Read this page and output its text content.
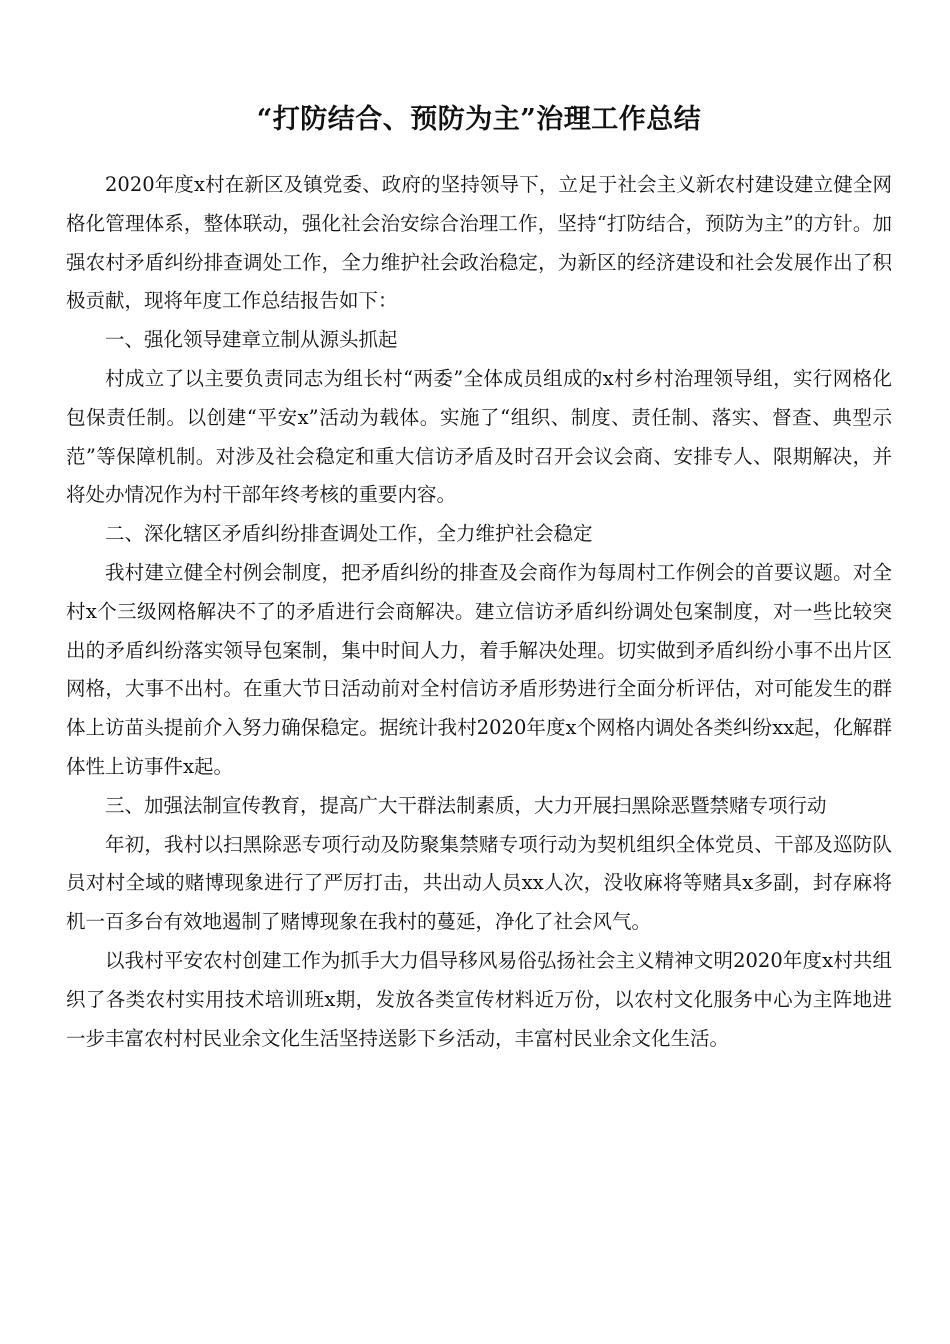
“打防结合、预防为主”治理工作总结

2020年度x村在新区及镇党委、政府的坚持领导下，立足于社会主义新农村建设建立健全网格化管理体系，整体联动，强化社会治安综合治理工作，坚持“打防结合，预防为主”的方针。加强农村矛盾纠纷排查调处工作，全力维护社会政治稳定，为新区的经济建设和社会发展作出了积极贡献，现将年度工作总结报告如下：

一、强化领导建章立制从源头抓起

村成立了以主要负责同志为组长村“两委”全体成员组成的x村乡村治理领导组，实行网格化包保责任制。以创建“平安x”活动为载体。实施了“组织、制度、责任制、落实、督查、典型示范”等保障机制。对涉及社会稳定和重大信访矛盾及时召开会议会商、安排专人、限期解决，并将处办情况作为村干部年终考核的重要内容。

二、深化辖区矛盾纠纷排查调处工作，全力维护社会稳定

我村建立健全村例会制度，把矛盾纠纷的排查及会商作为每周村工作例会的首要议题。对全村x个三级网格解决不了的矛盾进行会商解决。建立信访矛盾纠纷调处包案制度，对一些比较突出的矛盾纠纷落实领导包案制，集中时间人力，着手解决处理。切实做到矛盾纠纷小事不出片区网格，大事不出村。在重大节日活动前对全村信访矛盾形势进行全面分析评估，对可能发生的群体上访苗头提前介入努力确保稳定。据统计我村2020年度x个网格内调处各类纠纷xx起，化解群体性上访事件x起。

三、加强法制宣传教育，提高广大干群法制素质，大力开展扫黑除恶暨禁赌专项行动

年初，我村以扫黑除恶专项行动及防聚集禁赌专项行动为契机组织全体党员、干部及巡防队员对村全域的赌博现象进行了严厉打击，共出动人员xx人次，没收麻将等赌具x多副，封存麻将机一百多台有效地遏制了赌博现象在我村的蔓延，净化了社会风气。

以我村平安农村创建工作为抓手大力倡导移风易俗弘扬社会主义精神文明2020年度x村共组织了各类农村实用技术培训班x期，发放各类宣传材料近万份，以农村文化服务中心为主阵地进一步丰富农村村民业余文化生活坚持送影下乡活动，丰富村民业余文化生活。
